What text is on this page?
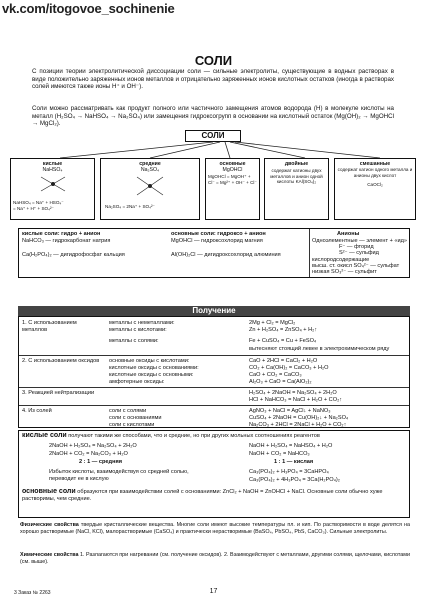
vk.com/itogovoe_sochinenie
СОЛИ
С позиции теории электролитической диссоциации соли — сильные электролиты, существующие в водных растворах в виде положительно заряженных ионов металлов и отрицательно заряженных ионов кислотных остатков (иногда в растворах солей имеются также ионы H⁺ и OH⁻).
Соли можно рассматривать как продукт полного или частичного замещения атомов водорода (H) в молекуле кислоты на металл (H₂SO₄ → NaHSO₄ → Na₂SO₄) или замещения гидроксогрупп в основании на кислотный остаток (Mg(OH)₂ → MgOHCl → MgCl₂).
СОЛИ
кислые
NaHSO₄
NaHSO₄ = Na⁺ + HSO₄⁻
= Na⁺ + H⁺ + SO₄²⁻
средние
Na₂SO₄
Na₂SO₄ = 2Na⁺ + SO₄²⁻
основные
MgOHCl
MgOHCl = MgOH⁺ + Cl⁻ = Mg²⁺ + OH⁻ + Cl⁻
двойные
содержат катионы двух металлов и анион одной кислоты KAl(SO₄)₂
смешанные
содержат катион одного металла и анионы двух кислот
CaOCl₂
кислые соли: гидро + анион
NaHCO₃ — гидрокарбонат натрия
Ca(H₂PO₄)₂ — дигидрофосфат кальция
основные соли: гидроксо + анион
MgOHCl — гидроксохлорид магния
Al(OH)₂Cl — дигидроксохлорид алюминия
Анионы
Одноэлементные — элемент + «ид»
F⁻ — фторид
S²⁻ — сульфид
кислородсодержащие
высш. ст. окисл SO₄²⁻ — сульфат
низкая SO₃²⁻ — сульфит
Получение
1. С использованием металлов
металлы с неметаллами:	2Mg + Cl₂ = MgCl₂
металлы с кислотами:	Zn + H₂SO₄ = ZnSO₄ + H₂↑
металлы с солями:	Fe + CuSO₄ = Cu + FeSO₄
вытесняют стоящий левее в электрохимическом ряду
2. С использованием оксидов	основные оксиды с кислотами:	CaO + 2HCl = CaCl₂ + H₂O
кислотные оксиды с основаниями:	CO₂ + Ca(OH)₂ = CaCO₃ + H₂O
кислотные оксиды с основными:	CaO + CO₂ = CaCO₃
амфотерные оксиды:	Al₂O₃ + CaO = Ca(AlO₂)₂
3. Реакцией нейтрализации	H₂SO₄ + 2NaOH = Na₂SO₄ + 2H₂O
HCl + NaHCO₃ = NaCl + H₂O + CO₂↑
4. Из солей	соли с солями	AgNO₃ + NaCl = AgCl↓ + NaNO₃
соли с основаниями	CuSO₄ + 2NaOH = Cu(OH)₂↓ + Na₂SO₄
соли с кислотами	Na₂CO₃ + 2HCl = 2NaCl + H₂O + CO₂↑
кислые соли получают такими же способами, что и средние, но при других мольных соотношениях реагентов
2NaOH + H₂SO₄ = Na₂SO₄ + 2H₂O
2NaOH + CO₂ = Na₂CO₃ + H₂O
2 : 1 — средняя
NaOH + H₂SO₄ = NaHSO₄ + H₂O
NaOH + CO₂ = NaHCO₃
1 : 1 — кислая
Избыток кислоты, взаимодействуя со средней солью, переводит ее в кислую
Ca₃(PO₄)₂ + H₃PO₄ = 3CaHPO₄
Ca₃(PO₄)₂ + 4H₃PO₄ = 3Ca(H₂PO₄)₂
основные соли образуются при взаимодействии солей с основаниями: ZnCl₂ + NaOH = ZnOHCl + NaCl. Основные соли обычно хуже растворимы, чем средние.
Физические свойства твердые кристаллические вещества. Многие соли имеют высокие температуры пл. и кип. По растворимости в воде делятся на хорошо растворимые (NaCl, KCl), малорастворимые (CaSO₄) и практически нерастворимые (BaSO₄, PbSO₄, PbS, CaCO₃). Сильные электролиты.
Химические свойства 1. Разлагаются при нагревании (см. получение оксидов). 2. Взаимодействуют с металлами, другими солями, щелочами, кислотами (см. выше).
3 Заказ № 2263	17
